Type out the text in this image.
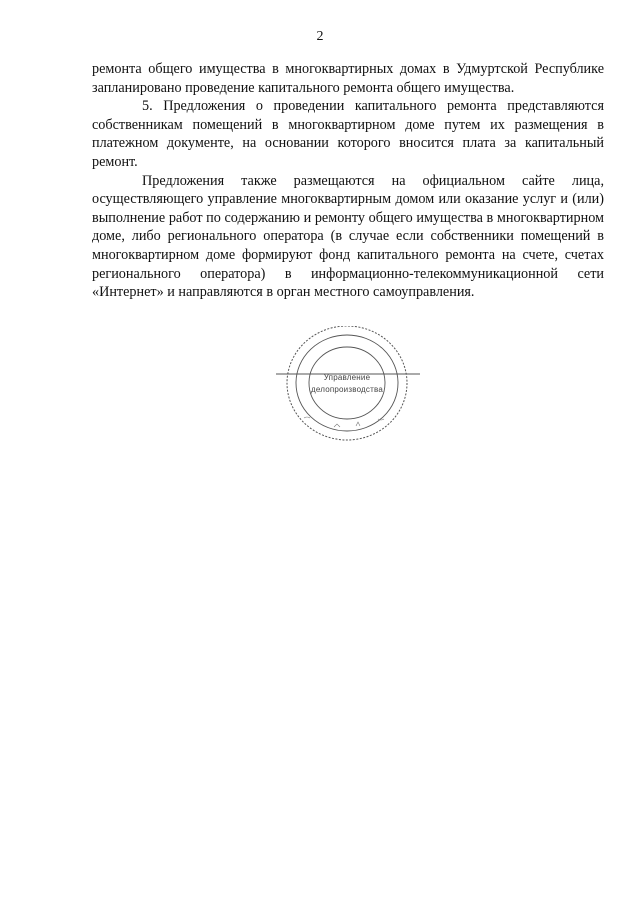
2

ремонта общего имущества в многоквартирных домах в Удмуртской Республике запланировано проведение капитального ремонта общего имущества.

5. Предложения о проведении капитального ремонта представляются собственникам помещений в многоквартирном доме путем их размещения в платежном документе, на основании которого вносится плата за капитальный ремонт.

Предложения также размещаются на официальном сайте лица, осуществляющего управление многоквартирным домом или оказание услуг и (или) выполнение работ по содержанию и ремонту общего имущества в многоквартирном доме, либо регионального оператора (в случае если собственники помещений в многоквартирном доме формируют фонд капитального ремонта на счете, счетах регионального оператора) в информационно-телекоммуникационной сети «Интернет» и направляются в орган местного самоуправления.

Управление
делопроизводства
